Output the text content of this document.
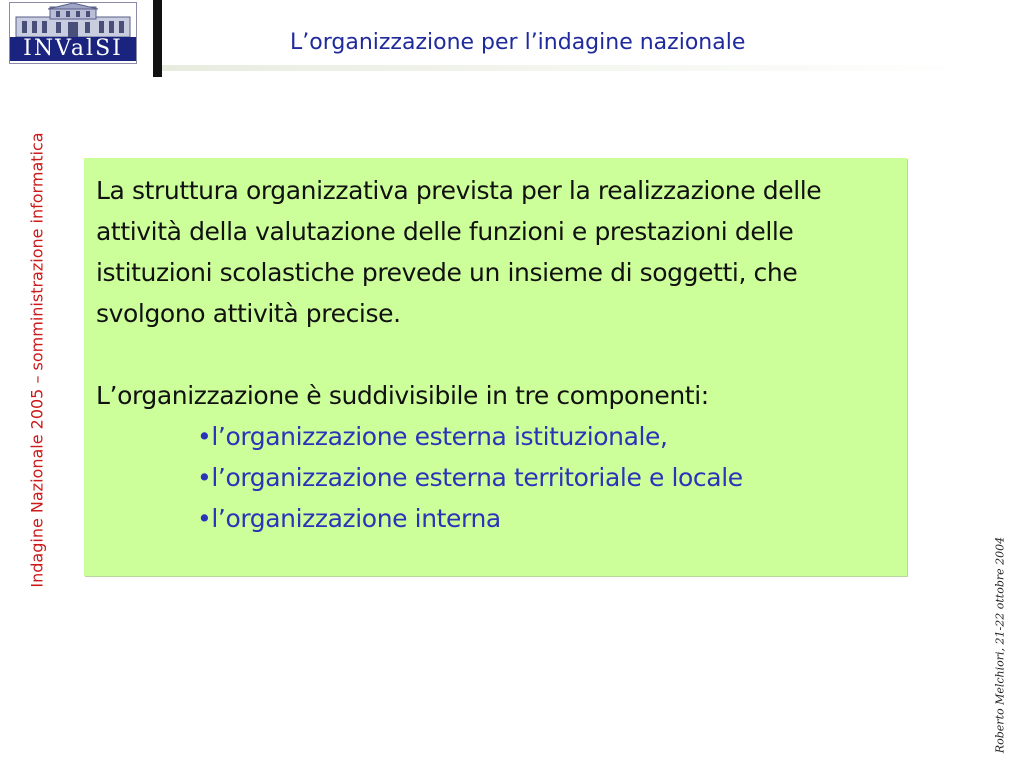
INValSI	L’organizzazione per l’indagine nazionale
Indagine Nazionale 2005 – somministrazione informatica
Roberto Melchiori, 21-22 ottobre 2004

La struttura organizzativa prevista per la realizzazione delle attività della valutazione delle funzioni e prestazioni delle istituzioni scolastiche prevede un insieme di soggetti, che svolgono attività precise.

L’organizzazione è suddivisibile in tre componenti:

•l’organizzazione esterna istituzionale,
•l’organizzazione esterna territoriale e locale
•l’organizzazione interna
